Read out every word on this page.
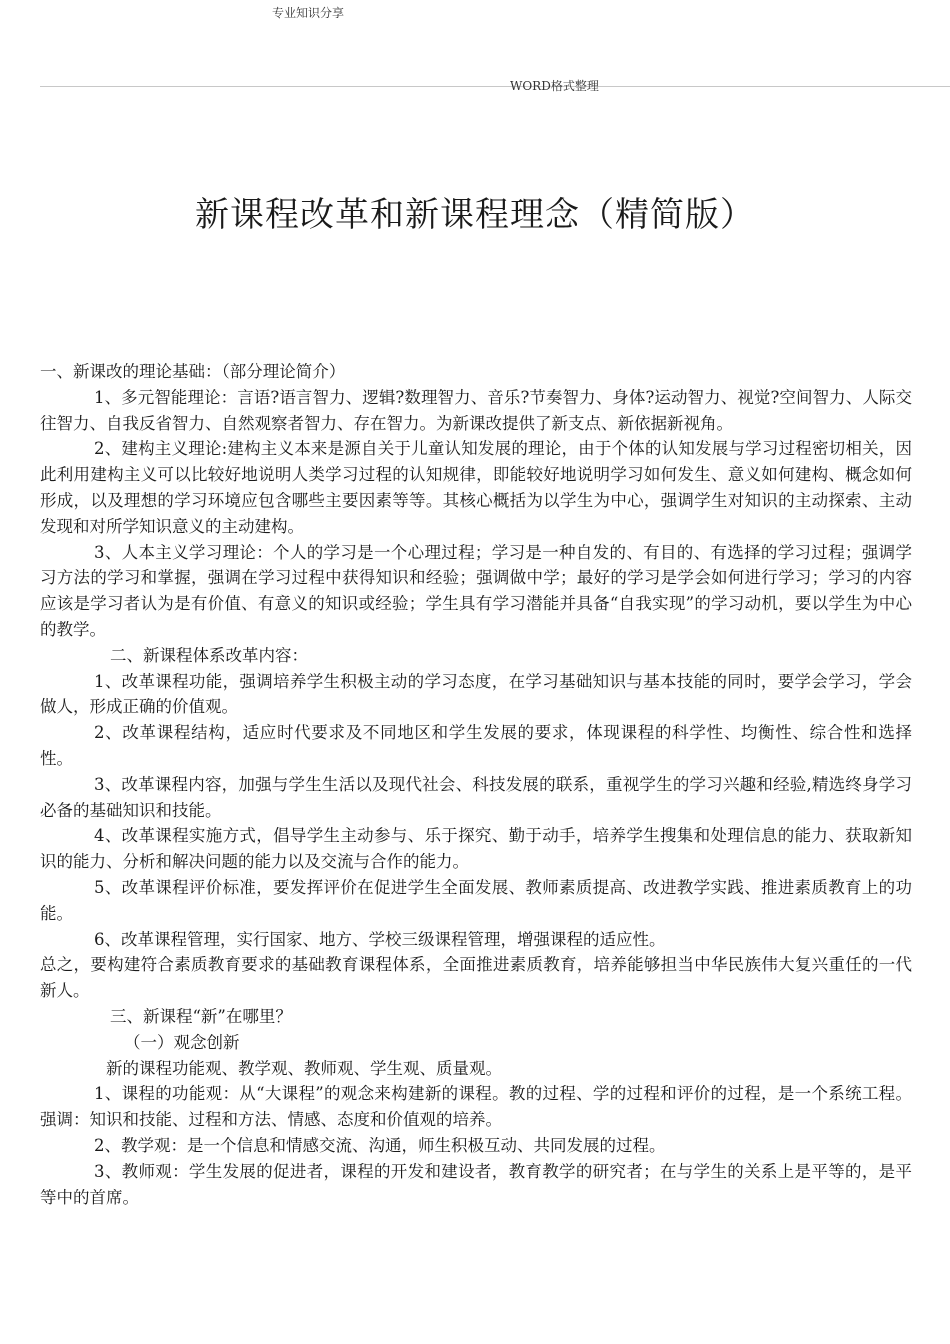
专业知识分享
WORD格式整理
新课程改革和新课程理念（精简版）

一、新课改的理论基础：（部分理论简介）

1、多元智能理论：言语?语言智力、逻辑?数理智力、音乐?节奏智力、身体?运动智力、视觉?空间智力、人际交往智力、自我反省智力、自然观察者智力、存在智力。为新课改提供了新支点、新依据新视角。

2、建构主义理论:建构主义本来是源自关于儿童认知发展的理论，由于个体的认知发展与学习过程密切相关，因此利用建构主义可以比较好地说明人类学习过程的认知规律，即能较好地说明学习如何发生、意义如何建构、概念如何形成，以及理想的学习环境应包含哪些主要因素等等。其核心概括为以学生为中心，强调学生对知识的主动探索、主动发现和对所学知识意义的主动建构。

3、人本主义学习理论：个人的学习是一个心理过程；学习是一种自发的、有目的、有选择的学习过程；强调学习方法的学习和掌握，强调在学习过程中获得知识和经验；强调做中学；最好的学习是学会如何进行学习；学习的内容应该是学习者认为是有价值、有意义的知识或经验；学生具有学习潜能并具备“自我实现”的学习动机，要以学生为中心的教学。

二、新课程体系改革内容：

1、改革课程功能，强调培养学生积极主动的学习态度，在学习基础知识与基本技能的同时，要学会学习，学会做人，形成正确的价值观。

2、改革课程结构，适应时代要求及不同地区和学生发展的要求，体现课程的科学性、均衡性、综合性和选择性。

3、改革课程内容，加强与学生生活以及现代社会、科技发展的联系，重视学生的学习兴趣和经验,精选终身学习必备的基础知识和技能。

4、改革课程实施方式，倡导学生主动参与、乐于探究、勤于动手，培养学生搜集和处理信息的能力、获取新知识的能力、分析和解决问题的能力以及交流与合作的能力。

5、改革课程评价标准，要发挥评价在促进学生全面发展、教师素质提高、改进教学实践、推进素质教育上的功能。

6、改革课程管理，实行国家、地方、学校三级课程管理，增强课程的适应性。

总之，要构建符合素质教育要求的基础教育课程体系，全面推进素质教育，培养能够担当中华民族伟大复兴重任的一代新人。

三、新课程“新”在哪里？

（一）观念创新

新的课程功能观、教学观、教师观、学生观、质量观。

1、课程的功能观：从“大课程”的观念来构建新的课程。教的过程、学的过程和评价的过程，是一个系统工程。强调：知识和技能、过程和方法、情感、态度和价值观的培养。

2、教学观：是一个信息和情感交流、沟通，师生积极互动、共同发展的过程。

3、教师观：学生发展的促进者，课程的开发和建设者，教育教学的研究者；在与学生的关系上是平等的，是平等中的首席。
